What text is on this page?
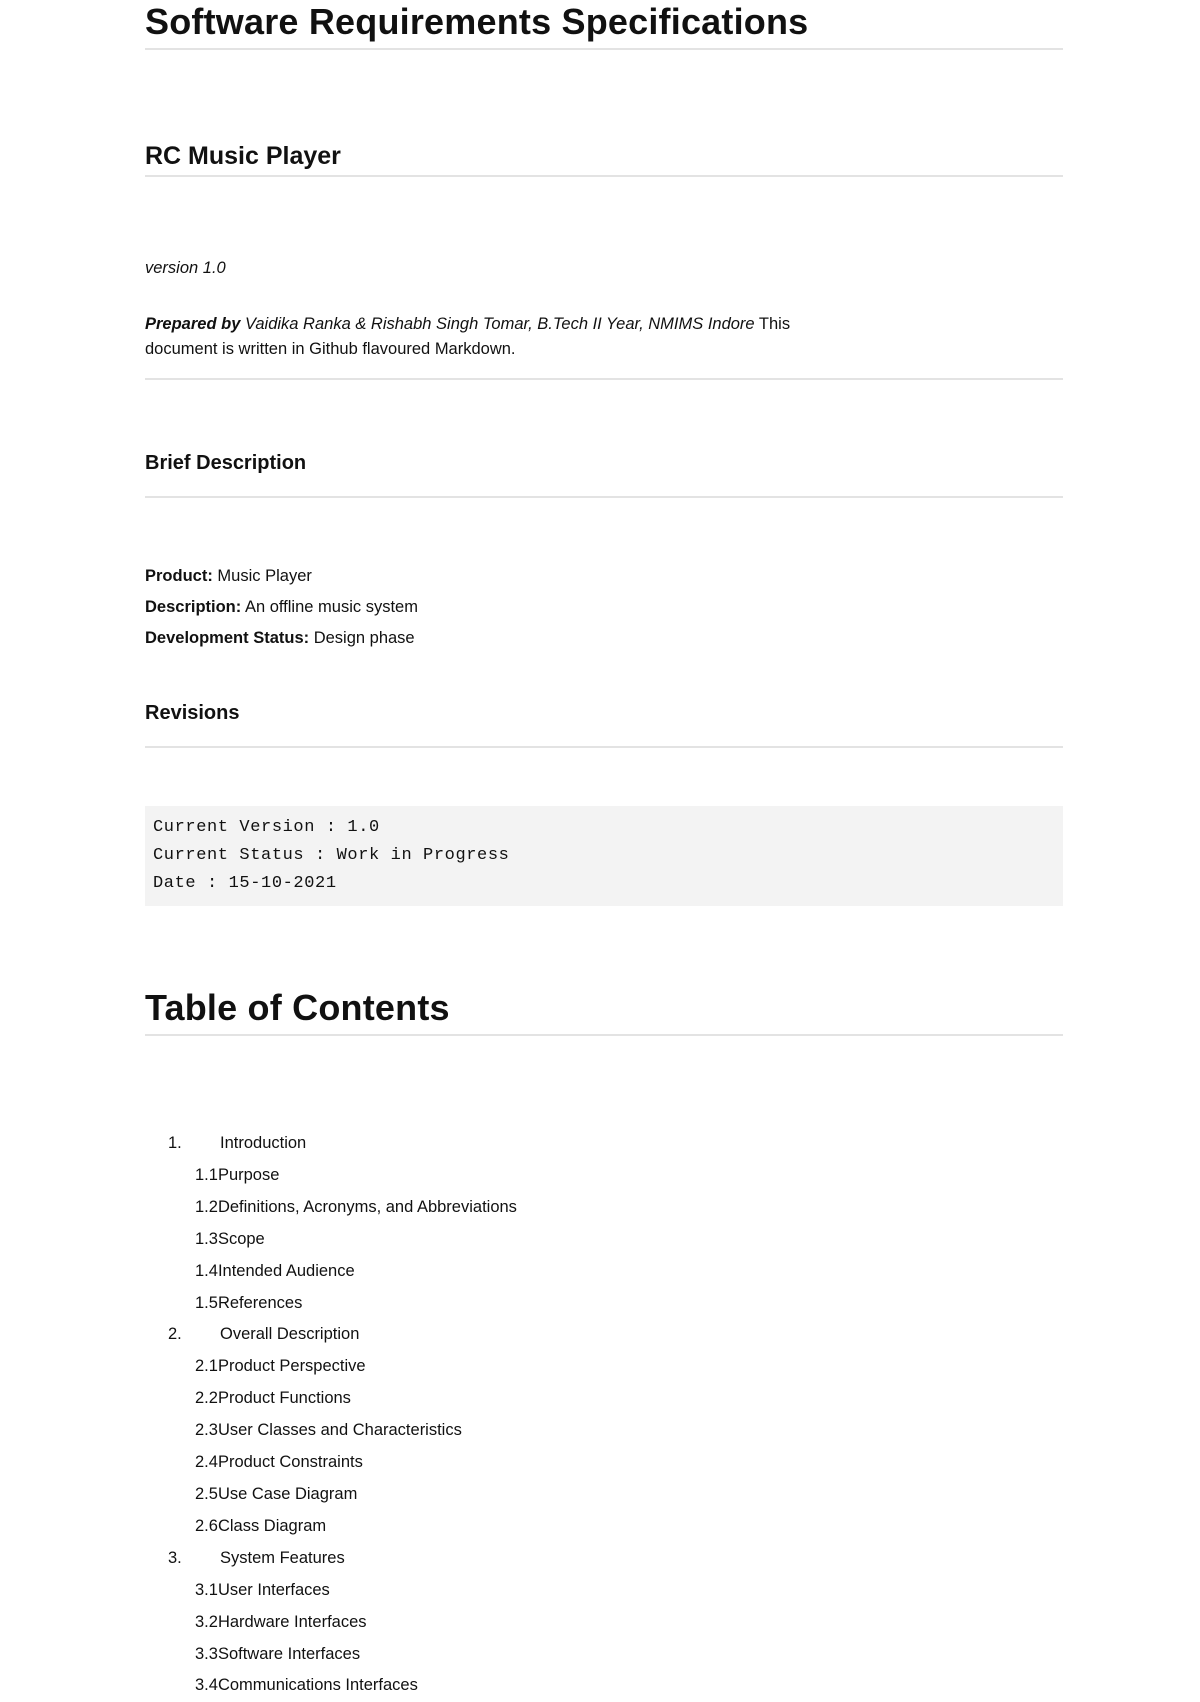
Software Requirements Specifications
RC Music Player
version 1.0
Prepared by Vaidika Ranka & Rishabh Singh Tomar, B.Tech II Year, NMIMS Indore This
document is written in Github flavoured Markdown.
Brief Description
Product: Music Player
Description: An offline music system
Development Status: Design phase
Revisions
Current Version : 1.0
Current Status : Work in Progress
Date : 15-10-2021
Table of Contents
1. Introduction
1.1Purpose
1.2Definitions, Acronyms, and Abbreviations
1.3Scope
1.4Intended Audience
1.5References
2. Overall Description
2.1Product Perspective
2.2Product Functions
2.3User Classes and Characteristics
2.4Product Constraints
2.5Use Case Diagram
2.6Class Diagram
3. System Features
3.1User Interfaces
3.2Hardware Interfaces
3.3Software Interfaces
3.4Communications Interfaces
